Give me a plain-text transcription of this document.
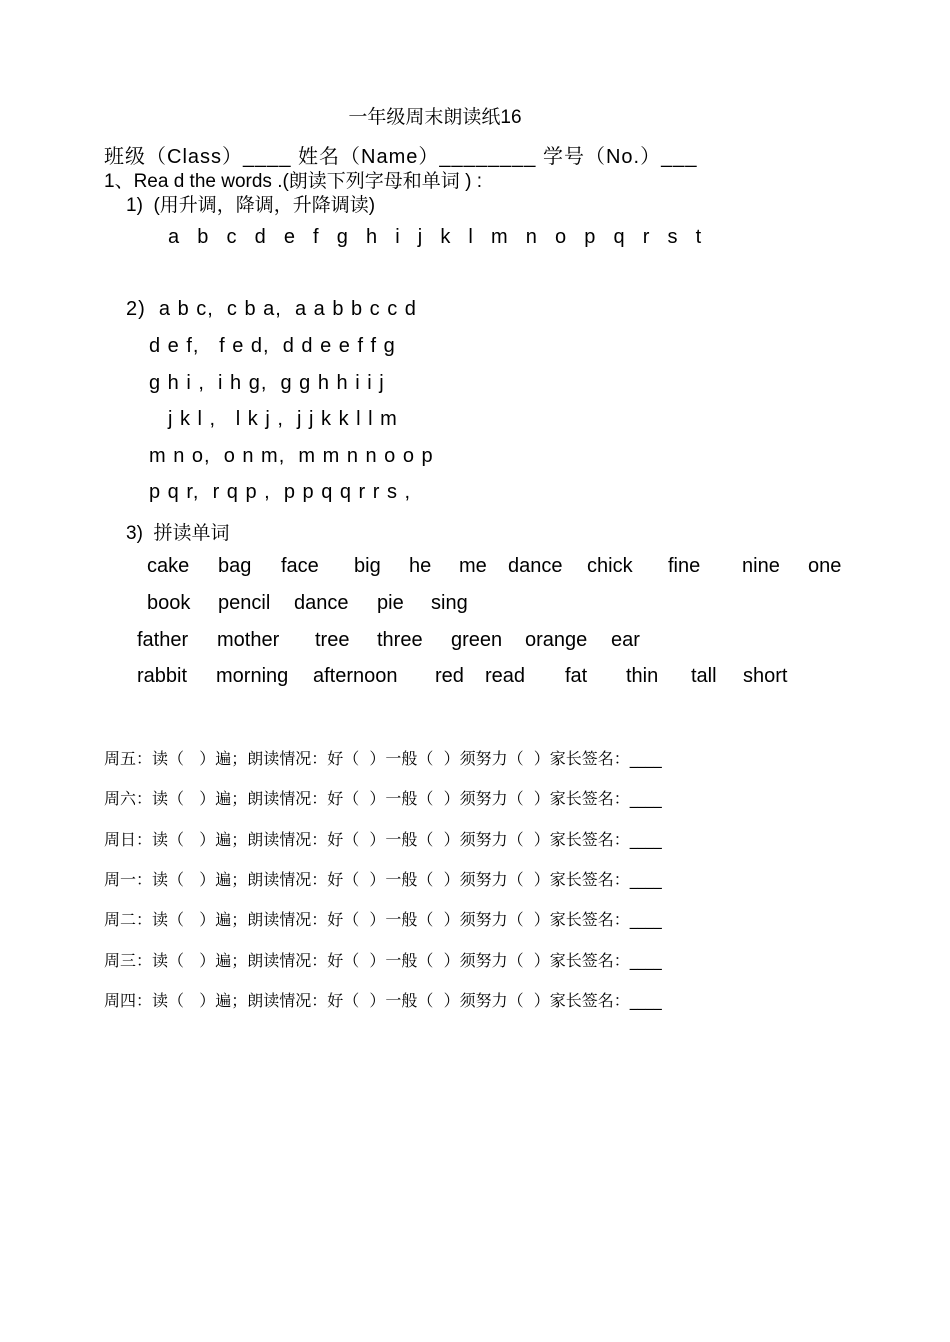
一年级周末朗读纸16
班级（Class）____ 姓名（Name）________ 学号（No.）___
1、Rea d the words .(朗读下列字母和单词 ) :
1)  (用升调，降调，升降调读)
a  b  c  d  e  f  g  h  i  j  k  l  m  n  o  p  q  r  s  t
2)  a b c,  c b a,  a a b b c c d
d e f,   f e d,  d d e e f f g
g h i ,  i h g,  g g h h i i j
j k l ,   l k j ,  j j k k l l m
m n o,  o n m,  m m n n o o p
p q r,  r q p ,  p p q q r r s ,
3)  拼读单词
cake bag face big he me dance chick fine nine one
book pencil dance pie sing
father mother tree three green orange ear
rabbit morning afternoon red read fat thin tall short
周五：读（   ）遍；朗读情况：好（  ）一般（  ）须努力（  ）家长签名：____
周六：读（   ）遍；朗读情况：好（  ）一般（  ）须努力（  ）家长签名：____
周日：读（   ）遍；朗读情况：好（  ）一般（  ）须努力（  ）家长签名：____
周一：读（   ）遍；朗读情况：好（  ）一般（  ）须努力（  ）家长签名：____
周二：读（   ）遍；朗读情况：好（  ）一般（  ）须努力（  ）家长签名：____
周三：读（   ）遍；朗读情况：好（  ）一般（  ）须努力（  ）家长签名：____
周四：读（   ）遍；朗读情况：好（  ）一般（  ）须努力（  ）家长签名：____
